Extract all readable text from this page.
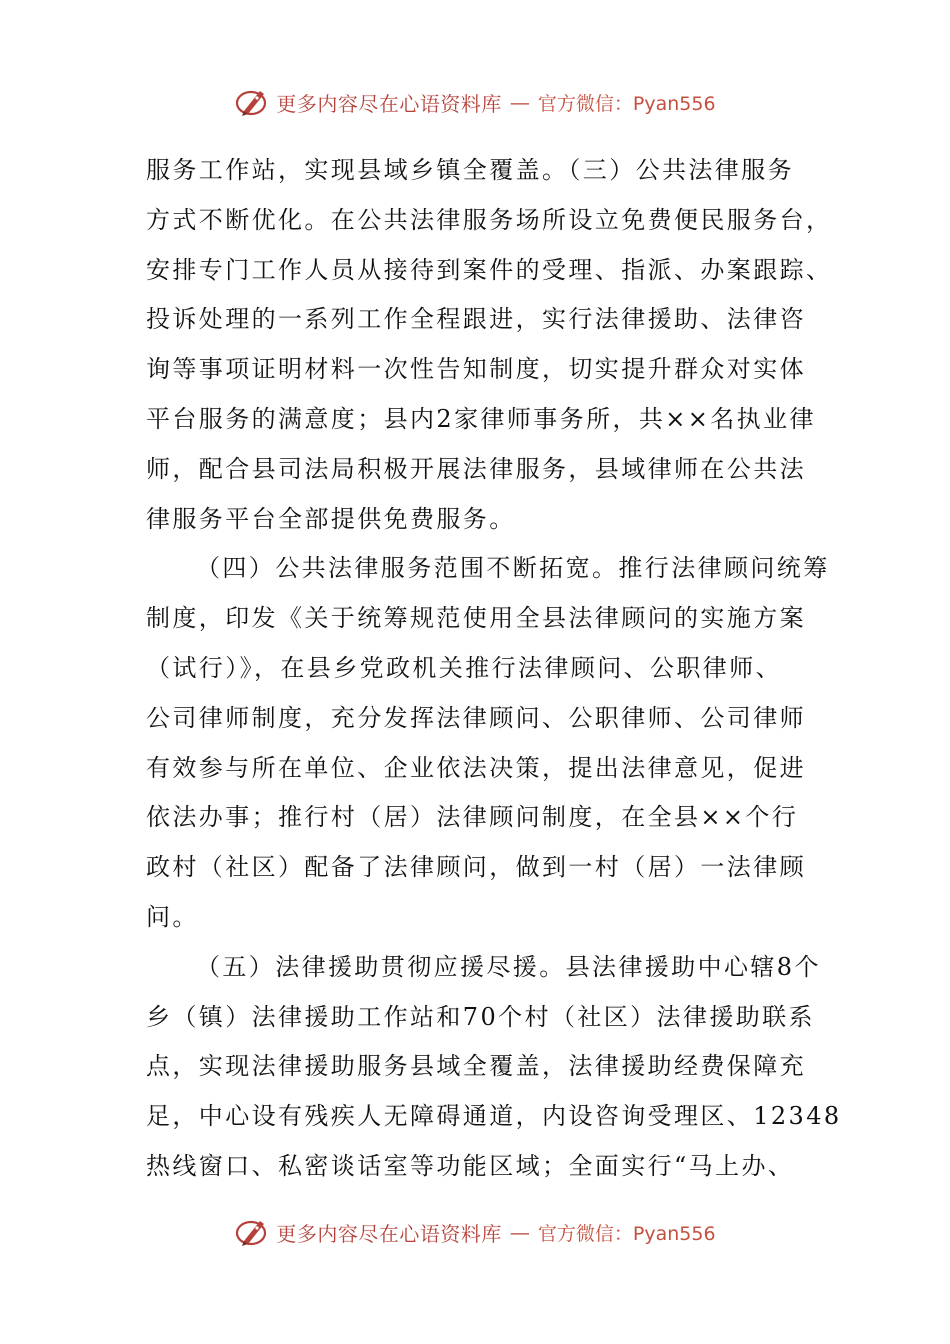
更多内容尽在心语资料库 — 官方微信：Pyan556
服务工作站，实现县域乡镇全覆盖。（三）公共法律服务
方式不断优化。在公共法律服务场所设立免费便民服务台，
安排专门工作人员从接待到案件的受理、指派、办案跟踪、
投诉处理的一系列工作全程跟进，实行法律援助、法律咨
询等事项证明材料一次性告知制度，切实提升群众对实体
平台服务的满意度；县内2家律师事务所，共××名执业律
师，配合县司法局积极开展法律服务，县域律师在公共法
律服务平台全部提供免费服务。
（四）公共法律服务范围不断拓宽。推行法律顾问统筹
制度，印发《关于统筹规范使用全县法律顾问的实施方案
（试行）》，在县乡党政机关推行法律顾问、公职律师、
公司律师制度，充分发挥法律顾问、公职律师、公司律师
有效参与所在单位、企业依法决策，提出法律意见，促进
依法办事；推行村（居）法律顾问制度，在全县××个行
政村（社区）配备了法律顾问，做到一村（居）一法律顾
问。
（五）法律援助贯彻应援尽援。县法律援助中心辖8个
乡（镇）法律援助工作站和70个村（社区）法律援助联系
点，实现法律援助服务县域全覆盖，法律援助经费保障充
足，中心设有残疾人无障碍通道，内设咨询受理区、12348
热线窗口、私密谈话室等功能区域；全面实行“马上办、
更多内容尽在心语资料库 — 官方微信：Pyan556
